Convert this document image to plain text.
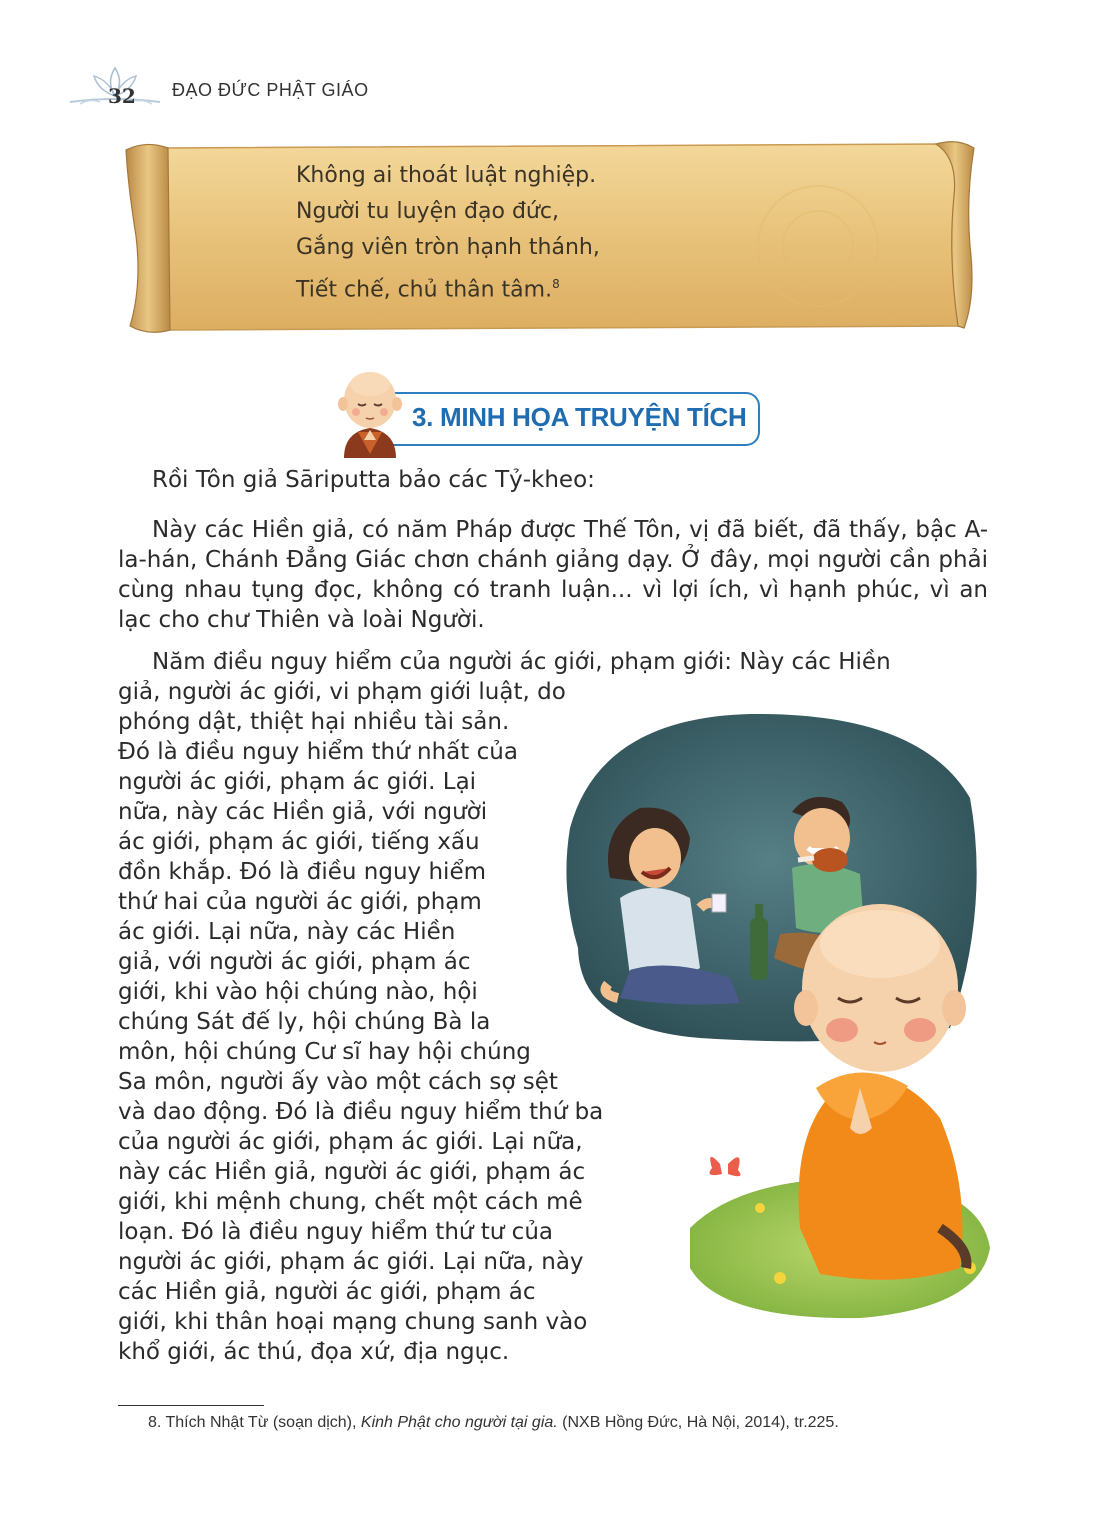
32 ĐẠO ĐỨC PHẬT GIÁO
Không ai thoát luật nghiệp.
Người tu luyện đạo đức,
Gắng viên tròn hạnh thánh,
Tiết chế, chủ thân tâm.$^8$
3. MINH HỌA TRUYỆN TÍCH

Rồi Tôn giả Sāriputta bảo các Tỷ-kheo:

Này các Hiền giả, có năm Pháp được Thế Tôn, vị đã biết, đã thấy, bậc A-la-hán, Chánh Đẳng Giác chơn chánh giảng dạy. Ở đây, mọi người cần phải cùng nhau tụng đọc, không có tranh luận... vì lợi ích, vì hạnh phúc, vì an lạc cho chư Thiên và loài Người.

Năm điều nguy hiểm của người ác giới, phạm giới: Này các Hiền
giả, người ác giới, vi phạm giới luật, do
phóng dật, thiệt hại nhiều tài sản.
Đó là điều nguy hiểm thứ nhất của
người ác giới, phạm ác giới. Lại
nữa, này các Hiền giả, với người
ác giới, phạm ác giới, tiếng xấu
đồn khắp. Đó là điều nguy hiểm
thứ hai của người ác giới, phạm
ác giới. Lại nữa, này các Hiền
giả, với người ác giới, phạm ác
giới, khi vào hội chúng nào, hội
chúng Sát đế ly, hội chúng Bà la
môn, hội chúng Cư sĩ hay hội chúng
Sa môn, người ấy vào một cách sợ sệt
và dao động. Đó là điều nguy hiểm thứ ba
của người ác giới, phạm ác giới. Lại nữa,
này các Hiền giả, người ác giới, phạm ác
giới, khi mệnh chung, chết một cách mê
loạn. Đó là điều nguy hiểm thứ tư của
người ác giới, phạm ác giới. Lại nữa, này
các Hiền giả, người ác giới, phạm ác
giới, khi thân hoại mạng chung sanh vào
khổ giới, ác thú, đọa xứ, địa ngục.
8. Thích Nhật Từ (soạn dịch), Kinh Phật cho người tại gia. (NXB Hồng Đức, Hà Nội, 2014), tr.225.
